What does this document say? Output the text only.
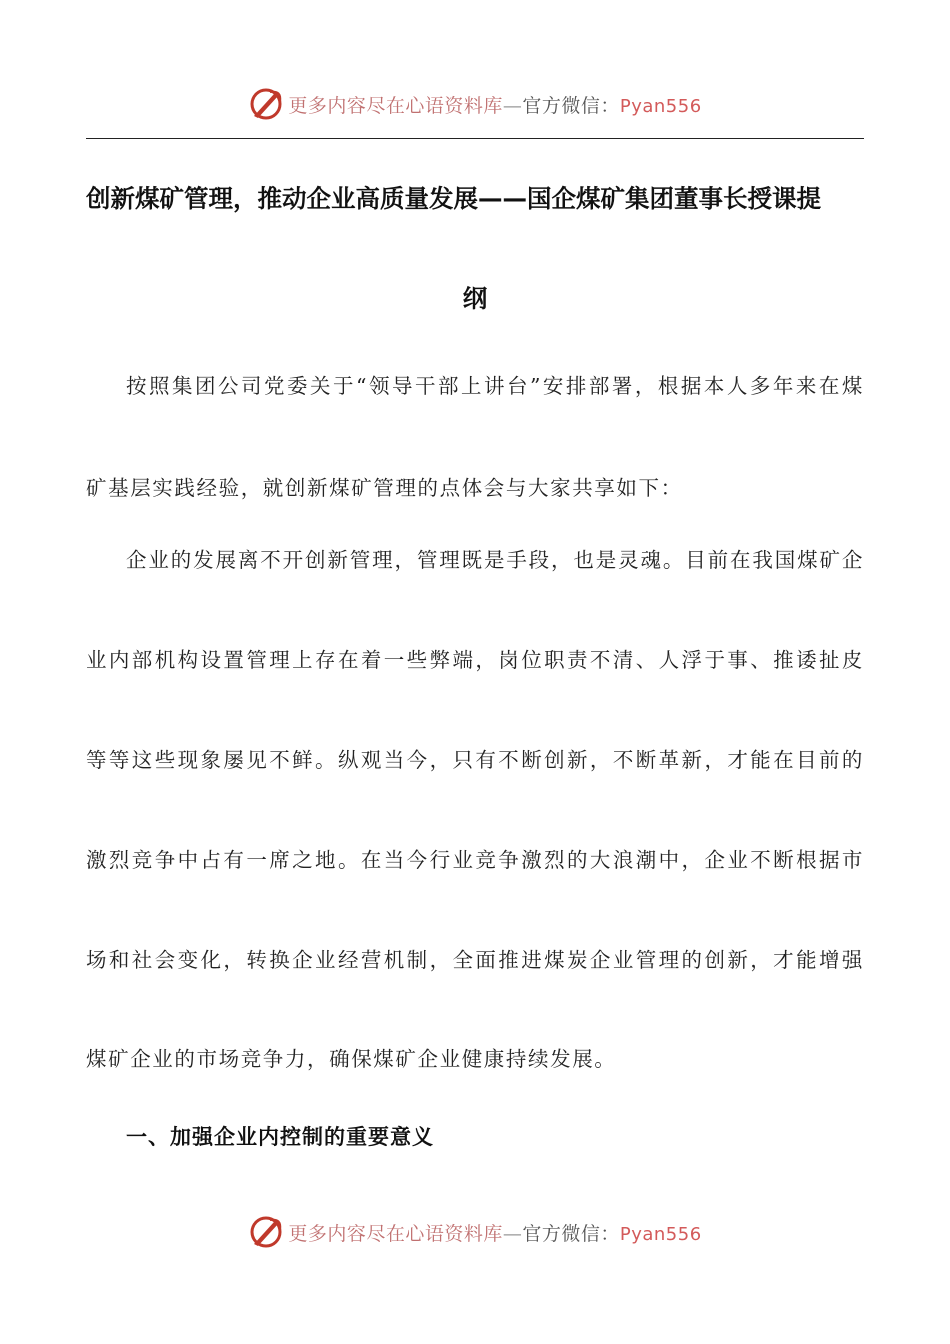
更多内容尽在心语资料库—官方微信：Pyan556
创新煤矿管理，推动企业高质量发展——国企煤矿集团董事长授课提
纲
按照集团公司党委关于“领导干部上讲台”安排部署，根据本人多年来在煤
矿基层实践经验，就创新煤矿管理的点体会与大家共享如下：
企业的发展离不开创新管理，管理既是手段，也是灵魂。目前在我国煤矿企
业内部机构设置管理上存在着一些弊端，岗位职责不清、人浮于事、推诿扯皮
等等这些现象屡见不鲜。纵观当今，只有不断创新，不断革新，才能在目前的
激烈竞争中占有一席之地。在当今行业竞争激烈的大浪潮中，企业不断根据市
场和社会变化，转换企业经营机制，全面推进煤炭企业管理的创新，才能增强
煤矿企业的市场竞争力，确保煤矿企业健康持续发展。
一、加强企业内控制的重要意义
更多内容尽在心语资料库—官方微信：Pyan556
